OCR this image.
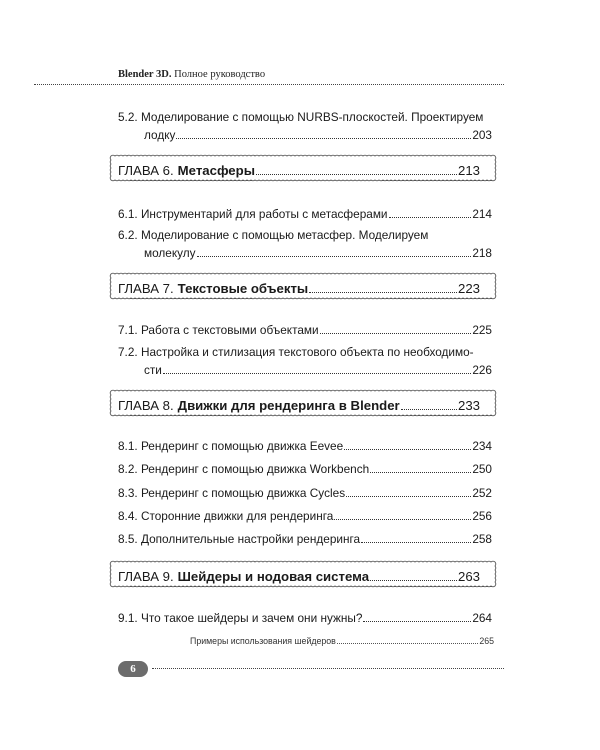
Blender 3D. Полное руководство
5.2. Моделирование с помощью NURBS-плоскостей. Проектируем
лодку	203
ГЛАВА 6. Метасферы	213
6.1. Инструментарий для работы с метасферами	214
6.2. Моделирование с помощью метасфер. Моделируем
молекулу	218
ГЛАВА 7. Текстовые объекты	223
7.1. Работа с текстовыми объектами	225
7.2. Настройка и стилизация текстового объекта по необходимо-
сти	226
ГЛАВА 8. Движки для рендеринга в Blender	233
8.1. Рендеринг с помощью движка Eevee	234
8.2. Рендеринг с помощью движка Workbench	250
8.3. Рендеринг с помощью движка Cycles	252
8.4. Сторонние движки для рендеринга	256
8.5. Дополнительные настройки рендеринга	258
ГЛАВА 9. Шейдеры и нодовая система	263
9.1. Что такое шейдеры и зачем они нужны?	264
Примеры использования шейдеров	265
6
